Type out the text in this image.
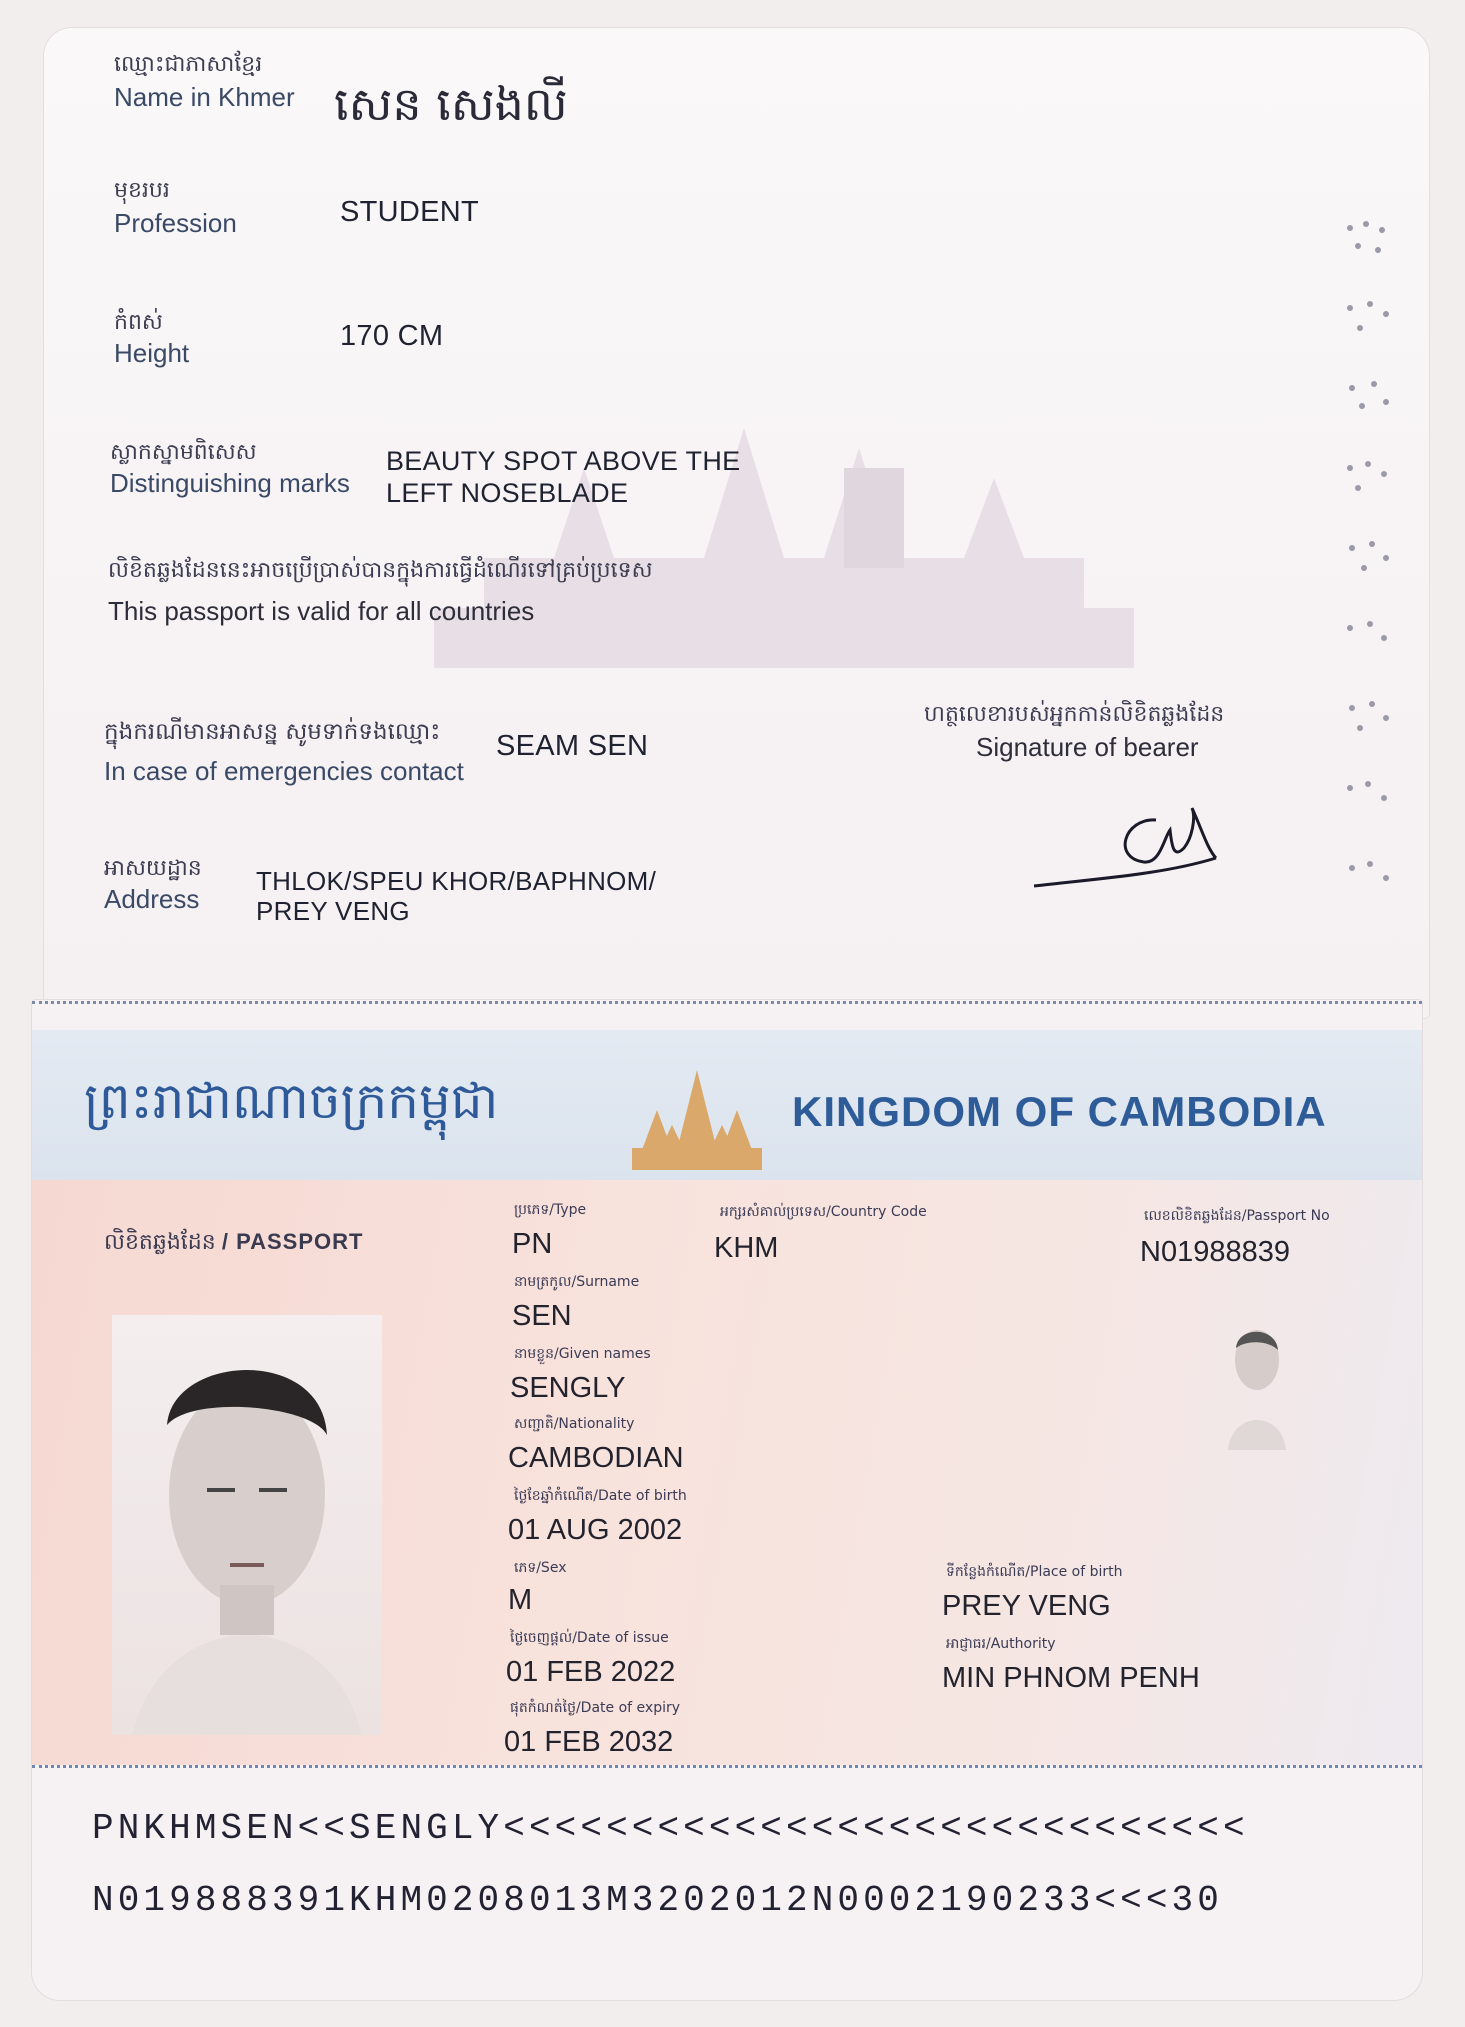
ឈ្មោះជាភាសាខ្មែរ
Name in Khmer សេន សេងលី
មុខរបរ
Profession	STUDENT
កំពស់
Height
170 CM
ស្លាកស្នាមពិសេស
Distinguishing marks
BEAUTY SPOT ABOVE THE
LEFT NOSEBLADE
លិខិតឆ្លងដែននេះអាចប្រើប្រាស់បានក្នុងការធ្វើដំណើរទៅគ្រប់ប្រទេស
This passport is valid for all countries
ក្នុងករណីមានអាសន្ន សូមទាក់ទងឈ្មោះ
In case of emergencies contact
SEAM SEN
ហត្ថលេខារបស់អ្នកកាន់លិខិតឆ្លងដែន
Signature of bearer
អាសយដ្ឋាន
Address
THLOK/SPEU KHOR/BAPHNOM/
PREY VENG
ព្រះរាជាណាចក្រកម្ពុជា	KINGDOM OF CAMBODIA
លិខិតឆ្លងដែន / PASSPORT
ប្រភេទ/Type
PN
អក្សរសំគាល់ប្រទេស/Country Code
KHM
លេខលិខិតឆ្លងដែន/Passport No
N01988839
នាមត្រកូល/Surname
SEN
នាមខ្លួន/Given names
SENGLY
សញ្ជាតិ/Nationality
CAMBODIAN
ថ្ងៃខែឆ្នាំកំណើត/Date of birth
01 AUG 2002
ភេទ/Sex
M
ថ្ងៃចេញផ្តល់/Date of issue
01 FEB 2022
ផុតកំណត់ថ្ងៃ/Date of expiry
01 FEB 2032
ទីកន្លែងកំណើត/Place of birth
PREY VENG
អាជ្ញាធរ/Authority
MIN PHNOM PENH
PNKHMSEN<<SENGLY<<<<<<<<<<<<<<<<<<<<<<<<<<<<<
N019888391KHM0208013M3202012N0002190233<<<30
